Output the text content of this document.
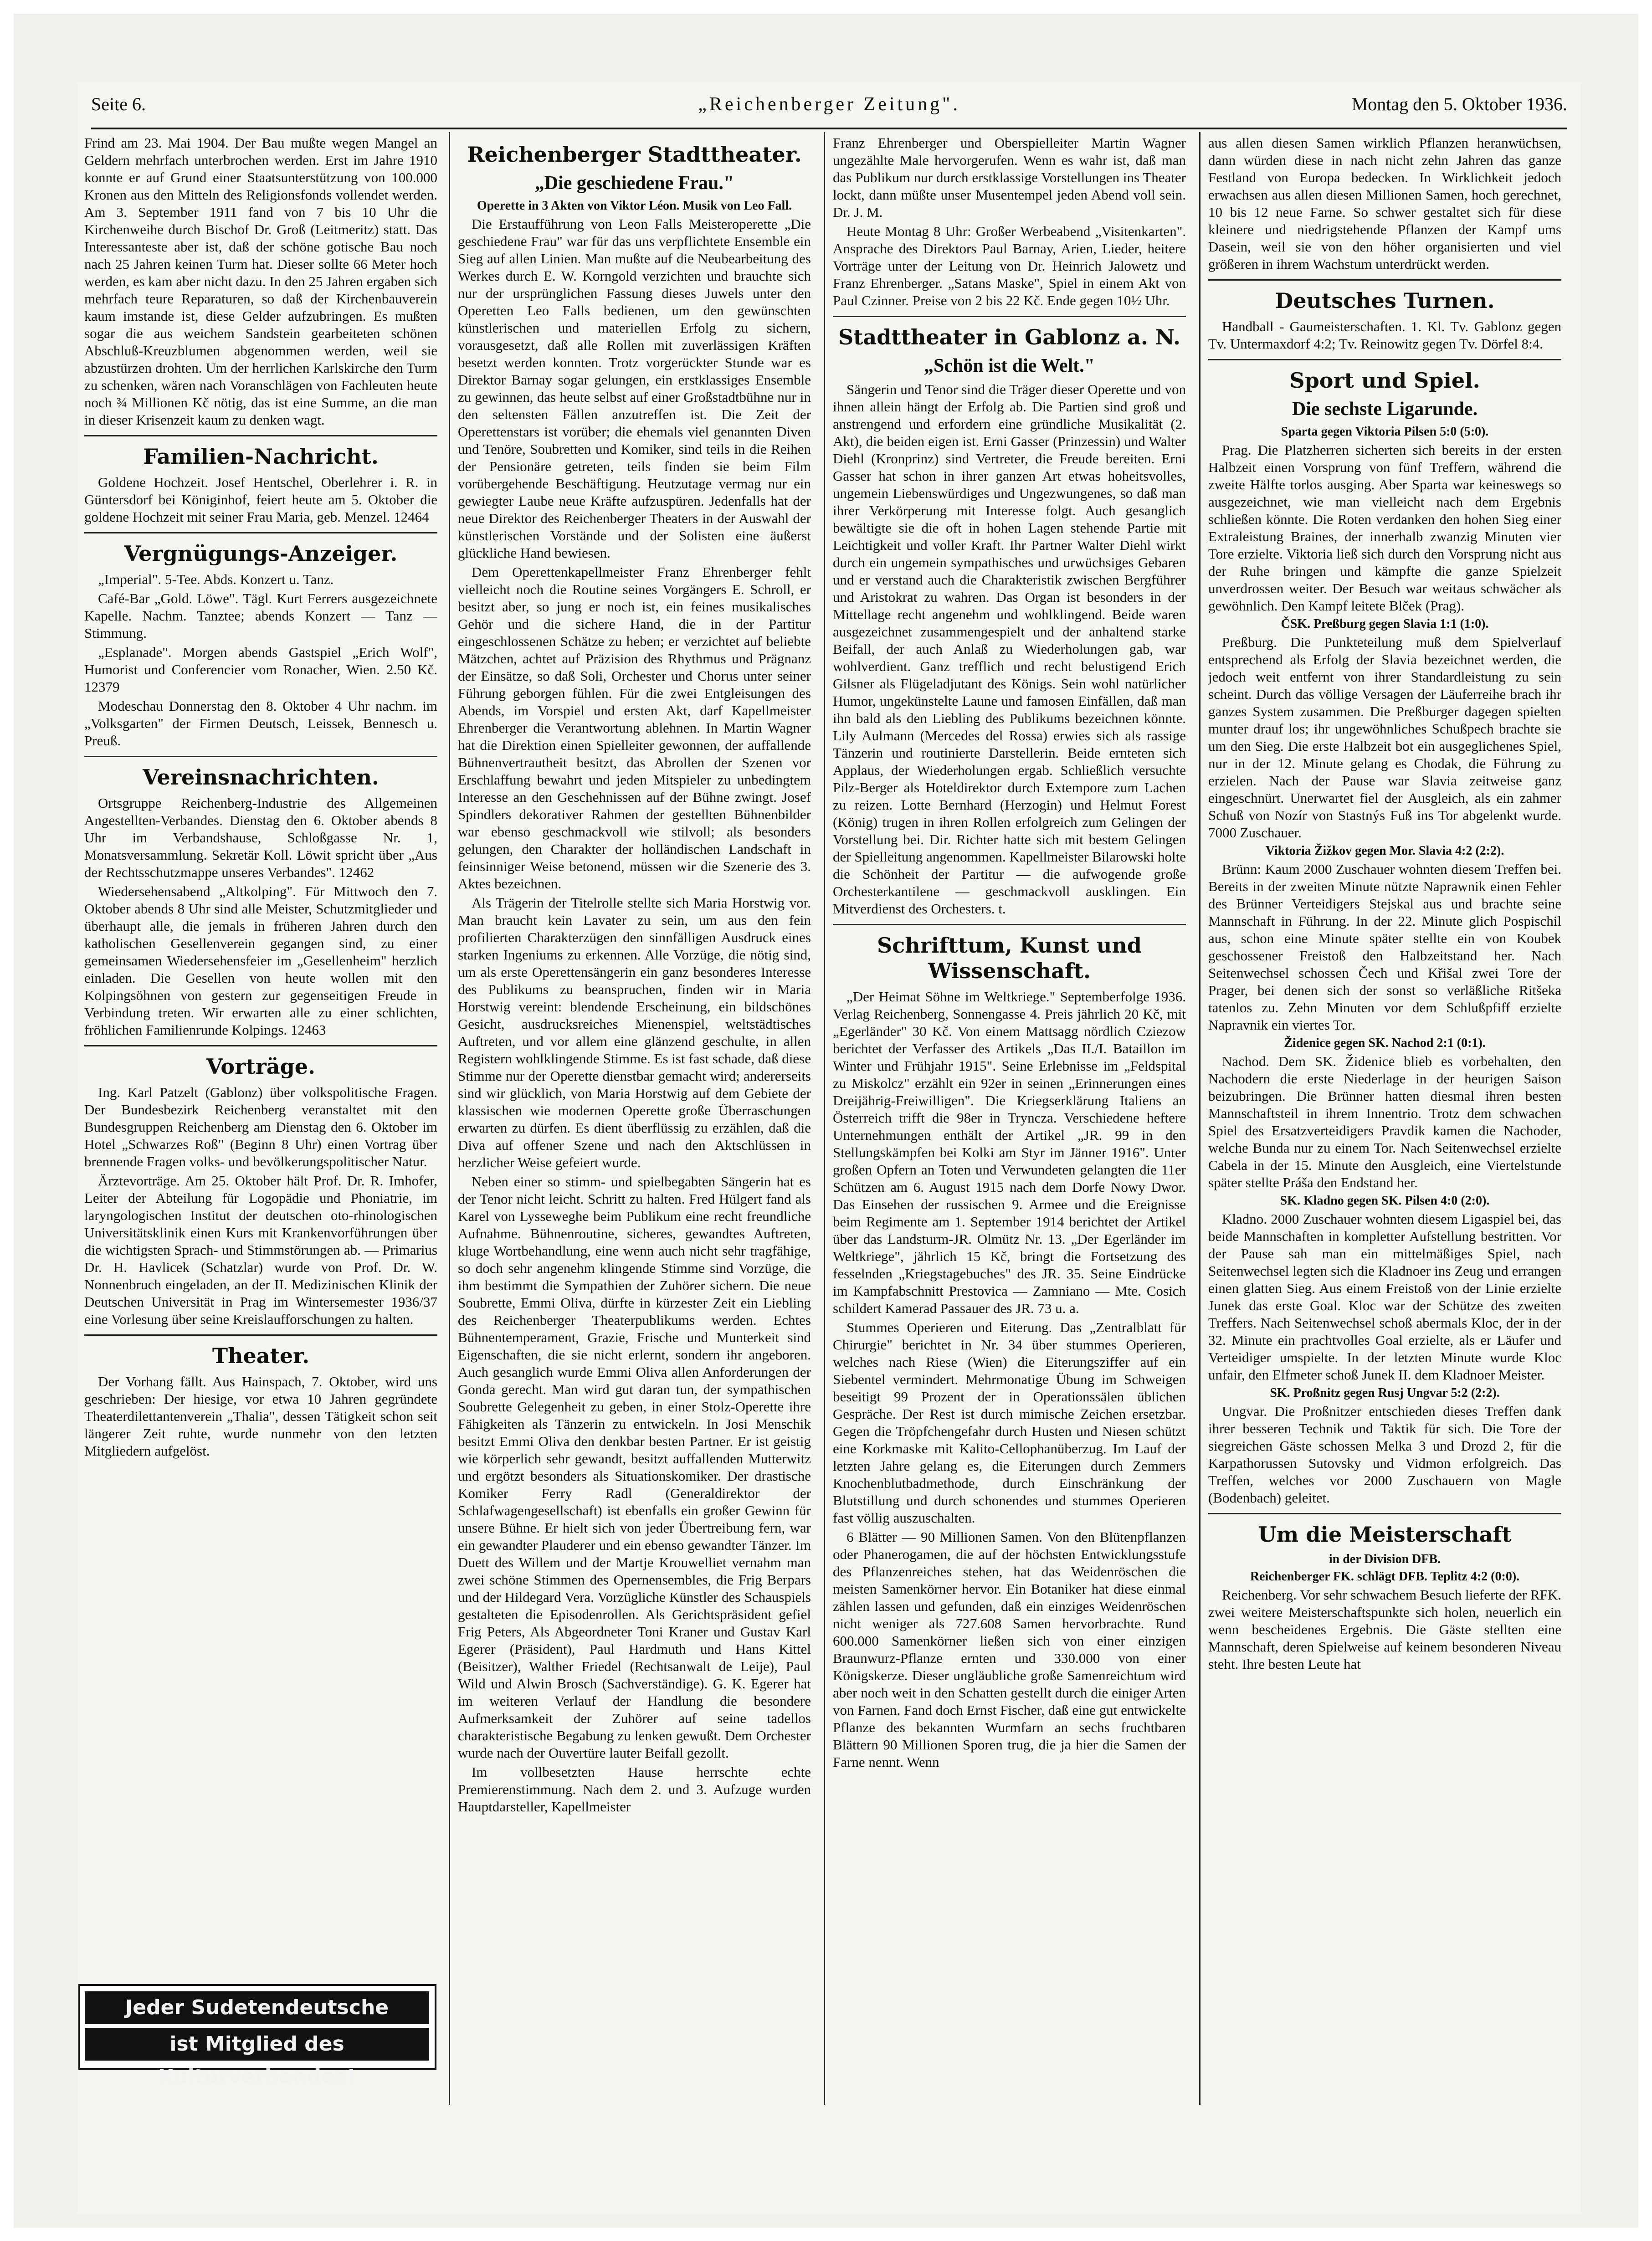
Seite 6.	„Reichenberger Zeitung".	Montag den 5. Oktober 1936.

Frind am 23. Mai 1904. Der Bau mußte wegen Mangel an Geldern mehrfach unterbrochen werden. Erst im Jahre 1910 konnte er auf Grund einer Staatsunterstützung von 100.000 Kronen aus den Mitteln des Religionsfonds vollendet werden. Am 3. September 1911 fand von 7 bis 10 Uhr die Kirchenweihe durch Bischof Dr. Groß (Leitmeritz) statt. Das Interessanteste aber ist, daß der schöne gotische Bau noch nach 25 Jahren keinen Turm hat. Dieser sollte 66 Meter hoch werden, es kam aber nicht dazu. In den 25 Jahren ergaben sich mehrfach teure Reparaturen, so daß der Kirchenbauverein kaum imstande ist, diese Gelder aufzubringen. Es mußten sogar die aus weichem Sandstein gearbeiteten schönen Abschluß-Kreuzblumen abgenommen werden, weil sie abzustürzen drohten. Um der herrlichen Karlskirche den Turm zu schenken, wären nach Voranschlägen von Fachleuten heute noch ¾ Millionen Kč nötig, das ist eine Summe, an die man in dieser Krisenzeit kaum zu denken wagt.

Familien-Nachricht.

Goldene Hochzeit. Josef Hentschel, Oberlehrer i. R. in Güntersdorf bei Königinhof, feiert heute am 5. Oktober die goldene Hochzeit mit seiner Frau Maria, geb. Menzel. 12464

Vergnügungs-Anzeiger.

„Imperial". 5-Tee. Abds. Konzert u. Tanz.

Café-Bar „Gold. Löwe". Tägl. Kurt Ferrers ausgezeichnete Kapelle. Nachm. Tanztee; abends Konzert — Tanz — Stimmung.

„Esplanade". Morgen abends Gastspiel „Erich Wolf", Humorist und Conferencier vom Ronacher, Wien. 2.50 Kč. 12379

Modeschau Donnerstag den 8. Oktober 4 Uhr nachm. im „Volksgarten" der Firmen Deutsch, Leissek, Bennesch u. Preuß.

Vereinsnachrichten.

Ortsgruppe Reichenberg-Industrie des Allgemeinen Angestellten-Verbandes. Dienstag den 6. Oktober abends 8 Uhr im Verbandshause, Schloßgasse Nr. 1, Monatsversammlung. Sekretär Koll. Löwit spricht über „Aus der Rechtsschutzmappe unseres Verbandes". 12462

Wiedersehensabend „Altkolping". Für Mittwoch den 7. Oktober abends 8 Uhr sind alle Meister, Schutzmitglieder und überhaupt alle, die jemals in früheren Jahren durch den katholischen Gesellenverein gegangen sind, zu einer gemeinsamen Wiedersehensfeier im „Gesellenheim" herzlich einladen. Die Gesellen von heute wollen mit den Kolpingsöhnen von gestern zur gegenseitigen Freude in Verbindung treten. Wir erwarten alle zu einer schlichten, fröhlichen Familienrunde Kolpings. 12463

Vorträge.

Ing. Karl Patzelt (Gablonz) über volkspolitische Fragen. Der Bundesbezirk Reichenberg veranstaltet mit den Bundesgruppen Reichenberg am Dienstag den 6. Oktober im Hotel „Schwarzes Roß" (Beginn 8 Uhr) einen Vortrag über brennende Fragen volks- und bevölkerungspolitischer Natur.

Ärztevorträge. Am 25. Oktober hält Prof. Dr. R. Imhofer, Leiter der Abteilung für Logopädie und Phoniatrie, im laryngologischen Institut der deutschen oto-rhinologischen Universitätsklinik einen Kurs mit Krankenvorführungen über die wichtigsten Sprach- und Stimmstörungen ab. — Primarius Dr. H. Havlicek (Schatzlar) wurde von Prof. Dr. W. Nonnenbruch eingeladen, an der II. Medizinischen Klinik der Deutschen Universität in Prag im Wintersemester 1936/37 eine Vorlesung über seine Kreislaufforschungen zu halten.

Theater.

Der Vorhang fällt. Aus Hainspach, 7. Oktober, wird uns geschrieben: Der hiesige, vor etwa 10 Jahren gegründete Theaterdilettantenverein „Thalia", dessen Tätigkeit schon seit längerer Zeit ruhte, wurde nunmehr von den letzten Mitgliedern aufgelöst.

Jeder Sudetendeutsche
ist Mitglied des Kulturverbandes!
Reichenberger Stadttheater.
„Die geschiedene Frau."
Operette in 3 Akten von Viktor Léon. Musik von Leo Fall.

Die Erstaufführung von Leon Falls Meisteroperette „Die geschiedene Frau" war für das uns verpflichtete Ensemble ein Sieg auf allen Linien. Man mußte auf die Neubearbeitung des Werkes durch E. W. Korngold verzichten und brauchte sich nur der ursprünglichen Fassung dieses Juwels unter den Operetten Leo Falls bedienen, um den gewünschten künstlerischen und materiellen Erfolg zu sichern, vorausgesetzt, daß alle Rollen mit zuverlässigen Kräften besetzt werden konnten. Trotz vorgerückter Stunde war es Direktor Barnay sogar gelungen, ein erstklassiges Ensemble zu gewinnen, das heute selbst auf einer Großstadtbühne nur in den seltensten Fällen anzutreffen ist. Die Zeit der Operettenstars ist vorüber; die ehemals viel genannten Diven und Tenöre, Soubretten und Komiker, sind teils in die Reihen der Pensionäre getreten, teils finden sie beim Film vorübergehende Beschäftigung. Heutzutage vermag nur ein gewiegter Laube neue Kräfte aufzuspüren. Jedenfalls hat der neue Direktor des Reichenberger Theaters in der Auswahl der künstlerischen Vorstände und der Solisten eine äußerst glückliche Hand bewiesen.

Dem Operettenkapellmeister Franz Ehrenberger fehlt vielleicht noch die Routine seines Vorgängers E. Schroll, er besitzt aber, so jung er noch ist, ein feines musikalisches Gehör und die sichere Hand, die in der Partitur eingeschlossenen Schätze zu heben; er verzichtet auf beliebte Mätzchen, achtet auf Präzision des Rhythmus und Prägnanz der Einsätze, so daß Soli, Orchester und Chorus unter seiner Führung geborgen fühlen. Für die zwei Entgleisungen des Abends, im Vorspiel und ersten Akt, darf Kapellmeister Ehrenberger die Verantwortung ablehnen. In Martin Wagner hat die Direktion einen Spielleiter gewonnen, der auffallende Bühnenvertrautheit besitzt, das Abrollen der Szenen vor Erschlaffung bewahrt und jeden Mitspieler zu unbedingtem Interesse an den Geschehnissen auf der Bühne zwingt. Josef Spindlers dekorativer Rahmen der gestellten Bühnenbilder war ebenso geschmackvoll wie stilvoll; als besonders gelungen, den Charakter der holländischen Landschaft in feinsinniger Weise betonend, müssen wir die Szenerie des 3. Aktes bezeichnen.

Als Trägerin der Titelrolle stellte sich Maria Horstwig vor. Man braucht kein Lavater zu sein, um aus den fein profilierten Charakterzügen den sinnfälligen Ausdruck eines starken Ingeniums zu erkennen. Alle Vorzüge, die nötig sind, um als erste Operettensängerin ein ganz besonderes Interesse des Publikums zu beanspruchen, finden wir in Maria Horstwig vereint: blendende Erscheinung, ein bildschönes Gesicht, ausdrucksreiches Mienenspiel, weltstädtisches Auftreten, und vor allem eine glänzend geschulte, in allen Registern wohlklingende Stimme. Es ist fast schade, daß diese Stimme nur der Operette dienstbar gemacht wird; andererseits sind wir glücklich, von Maria Horstwig auf dem Gebiete der klassischen wie modernen Operette große Überraschungen erwarten zu dürfen. Es dient überflüssig zu erzählen, daß die Diva auf offener Szene und nach den Aktschlüssen in herzlicher Weise gefeiert wurde.

Neben einer so stimm- und spielbegabten Sängerin hat es der Tenor nicht leicht. Schritt zu halten. Fred Hülgert fand als Karel von Lysseweghe beim Publikum eine recht freundliche Aufnahme. Bühnenroutine, sicheres, gewandtes Auftreten, kluge Wortbehandlung, eine wenn auch nicht sehr tragfähige, so doch sehr angenehm klingende Stimme sind Vorzüge, die ihm bestimmt die Sympathien der Zuhörer sichern. Die neue Soubrette, Emmi Oliva, dürfte in kürzester Zeit ein Liebling des Reichenberger Theaterpublikums werden. Echtes Bühnentemperament, Grazie, Frische und Munterkeit sind Eigenschaften, die sie nicht erlernt, sondern ihr angeboren. Auch gesanglich wurde Emmi Oliva allen Anforderungen der Gonda gerecht. Man wird gut daran tun, der sympathischen Soubrette Gelegenheit zu geben, in einer Stolz-Operette ihre Fähigkeiten als Tänzerin zu entwickeln. In Josi Menschik besitzt Emmi Oliva den denkbar besten Partner. Er ist geistig wie körperlich sehr gewandt, besitzt auffallenden Mutterwitz und ergötzt besonders als Situationskomiker. Der drastische Komiker Ferry Radl (Generaldirektor der Schlafwagengesellschaft) ist ebenfalls ein großer Gewinn für unsere Bühne. Er hielt sich von jeder Übertreibung fern, war ein gewandter Plauderer und ein ebenso gewandter Tänzer. Im Duett des Willem und der Martje Krouwelliet vernahm man zwei schöne Stimmen des Opernensembles, die Frig Berpars und der Hildegard Vera. Vorzügliche Künstler des Schauspiels gestalteten die Episodenrollen. Als Gerichtspräsident gefiel Frig Peters, Als Abgeordneter Toni Kraner und Gustav Karl Egerer (Präsident), Paul Hardmuth und Hans Kittel (Beisitzer), Walther Friedel (Rechtsanwalt de Leije), Paul Wild und Alwin Brosch (Sachverständige). G. K. Egerer hat im weiteren Verlauf der Handlung die besondere Aufmerksamkeit der Zuhörer auf seine tadellos charakteristische Begabung zu lenken gewußt. Dem Orchester wurde nach der Ouvertüre lauter Beifall gezollt.

Im vollbesetzten Hause herrschte echte Premierenstimmung. Nach dem 2. und 3. Aufzuge wurden Hauptdarsteller, Kapellmeister

Franz Ehrenberger und Oberspielleiter Martin Wagner ungezählte Male hervorgerufen. Wenn es wahr ist, daß man das Publikum nur durch erstklassige Vorstellungen ins Theater lockt, dann müßte unser Musentempel jeden Abend voll sein. Dr. J. M.

Heute Montag 8 Uhr: Großer Werbeabend „Visitenkarten". Ansprache des Direktors Paul Barnay, Arien, Lieder, heitere Vorträge unter der Leitung von Dr. Heinrich Jalowetz und Franz Ehrenberger. „Satans Maske", Spiel in einem Akt von Paul Czinner. Preise von 2 bis 22 Kč. Ende gegen 10½ Uhr.

Stadttheater in Gablonz a. N.
„Schön ist die Welt."

Sängerin und Tenor sind die Träger dieser Operette und von ihnen allein hängt der Erfolg ab. Die Partien sind groß und anstrengend und erfordern eine gründliche Musikalität (2. Akt), die beiden eigen ist. Erni Gasser (Prinzessin) und Walter Diehl (Kronprinz) sind Vertreter, die Freude bereiten. Erni Gasser hat schon in ihrer ganzen Art etwas hoheitsvolles, ungemein Liebenswürdiges und Ungezwungenes, so daß man ihrer Verkörperung mit Interesse folgt. Auch gesanglich bewältigte sie die oft in hohen Lagen stehende Partie mit Leichtigkeit und voller Kraft. Ihr Partner Walter Diehl wirkt durch ein ungemein sympathisches und urwüchsiges Gebaren und er verstand auch die Charakteristik zwischen Bergführer und Aristokrat zu wahren. Das Organ ist besonders in der Mittellage recht angenehm und wohlklingend. Beide waren ausgezeichnet zusammengespielt und der anhaltend starke Beifall, der auch Anlaß zu Wiederholungen gab, war wohlverdient. Ganz trefflich und recht belustigend Erich Gilsner als Flügeladjutant des Königs. Sein wohl natürlicher Humor, ungekünstelte Laune und famosen Einfällen, daß man ihn bald als den Liebling des Publikums bezeichnen könnte. Lily Aulmann (Mercedes del Rossa) erwies sich als rassige Tänzerin und routinierte Darstellerin. Beide ernteten sich Applaus, der Wiederholungen ergab. Schließlich versuchte Pilz-Berger als Hoteldirektor durch Extempore zum Lachen zu reizen. Lotte Bernhard (Herzogin) und Helmut Forest (König) trugen in ihren Rollen erfolgreich zum Gelingen der Vorstellung bei. Dir. Richter hatte sich mit bestem Gelingen der Spielleitung angenommen. Kapellmeister Bilarowski holte die Schönheit der Partitur — die aufwogende große Orchesterkantilene — geschmackvoll ausklingen. Ein Mitverdienst des Orchesters. t.

Schrifttum, Kunst und Wissenschaft.

„Der Heimat Söhne im Weltkriege." Septemberfolge 1936. Verlag Reichenberg, Sonnengasse 4. Preis jährlich 20 Kč, mit „Egerländer" 30 Kč. Von einem Mattsagg nördlich Cziezow berichtet der Verfasser des Artikels „Das II./I. Bataillon im Winter und Frühjahr 1915". Seine Erlebnisse im „Feldspital zu Miskolcz" erzählt ein 92er in seinen „Erinnerungen eines Dreijährig-Freiwilligen". Die Kriegserklärung Italiens an Österreich trifft die 98er in Tryncza. Verschiedene heftere Unternehmungen enthält der Artikel „JR. 99 in den Stellungskämpfen bei Kolki am Styr im Jänner 1916". Unter großen Opfern an Toten und Verwundeten gelangten die 11er Schützen am 6. August 1915 nach dem Dorfe Nowy Dwor. Das Einsehen der russischen 9. Armee und die Ereignisse beim Regimente am 1. September 1914 berichtet der Artikel über das Landsturm-JR. Olmütz Nr. 13. „Der Egerländer im Weltkriege", jährlich 15 Kč, bringt die Fortsetzung des fesselnden „Kriegstagebuches" des JR. 35. Seine Eindrücke im Kampfabschnitt Prestovica — Zamniano — Mte. Cosich schildert Kamerad Passauer des JR. 73 u. a.

Stummes Operieren und Eiterung. Das „Zentralblatt für Chirurgie" berichtet in Nr. 34 über stummes Operieren, welches nach Riese (Wien) die Eiterungsziffer auf ein Siebentel vermindert. Mehrmonatige Übung im Schweigen beseitigt 99 Prozent der in Operationssälen üblichen Gespräche. Der Rest ist durch mimische Zeichen ersetzbar. Gegen die Tröpfchengefahr durch Husten und Niesen schützt eine Korkmaske mit Kalito-Cellophanüberzug. Im Lauf der letzten Jahre gelang es, die Eiterungen durch Zemmers Knochenblutbadmethode, durch Einschränkung der Blutstillung und durch schonendes und stummes Operieren fast völlig auszuschalten.

6 Blätter — 90 Millionen Samen. Von den Blütenpflanzen oder Phanerogamen, die auf der höchsten Entwicklungsstufe des Pflanzenreiches stehen, hat das Weidenröschen die meisten Samenkörner hervor. Ein Botaniker hat diese einmal zählen lassen und gefunden, daß ein einziges Weidenröschen nicht weniger als 727.608 Samen hervorbrachte. Rund 600.000 Samenkörner ließen sich von einer einzigen Braunwurz-Pflanze ernten und 330.000 von einer Königskerze. Dieser ungläubliche große Samenreichtum wird aber noch weit in den Schatten gestellt durch die einiger Arten von Farnen. Fand doch Ernst Fischer, daß eine gut entwickelte Pflanze des bekannten Wurmfarn an sechs fruchtbaren Blättern 90 Millionen Sporen trug, die ja hier die Samen der Farne nennt. Wenn

aus allen diesen Samen wirklich Pflanzen heranwüchsen, dann würden diese in nach nicht zehn Jahren das ganze Festland von Europa bedecken. In Wirklichkeit jedoch erwachsen aus allen diesen Millionen Samen, hoch gerechnet, 10 bis 12 neue Farne. So schwer gestaltet sich für diese kleinere und niedrigstehende Pflanzen der Kampf ums Dasein, weil sie von den höher organisierten und viel größeren in ihrem Wachstum unterdrückt werden.

Deutsches Turnen.

Handball - Gaumeisterschaften. 1. Kl. Tv. Gablonz gegen Tv. Untermaxdorf 4:2; Tv. Reinowitz gegen Tv. Dörfel 8:4.

Sport und Spiel.
Die sechste Ligarunde.
Sparta gegen Viktoria Pilsen 5:0 (5:0).

Prag. Die Platzherren sicherten sich bereits in der ersten Halbzeit einen Vorsprung von fünf Treffern, während die zweite Hälfte torlos ausging. Aber Sparta war keineswegs so ausgezeichnet, wie man vielleicht nach dem Ergebnis schließen könnte. Die Roten verdanken den hohen Sieg einer Extraleistung Braines, der innerhalb zwanzig Minuten vier Tore erzielte. Viktoria ließ sich durch den Vorsprung nicht aus der Ruhe bringen und kämpfte die ganze Spielzeit unverdrossen weiter. Der Besuch war weitaus schwächer als gewöhnlich. Den Kampf leitete Blček (Prag).

ČSK. Preßburg gegen Slavia 1:1 (1:0).

Preßburg. Die Punkteteilung muß dem Spielverlauf entsprechend als Erfolg der Slavia bezeichnet werden, die jedoch weit entfernt von ihrer Standardleistung zu sein scheint. Durch das völlige Versagen der Läuferreihe brach ihr ganzes System zusammen. Die Preßburger dagegen spielten munter drauf los; ihr ungewöhnliches Schußpech brachte sie um den Sieg. Die erste Halbzeit bot ein ausgeglichenes Spiel, nur in der 12. Minute gelang es Chodak, die Führung zu erzielen. Nach der Pause war Slavia zeitweise ganz eingeschnürt. Unerwartet fiel der Ausgleich, als ein zahmer Schuß von Nozír von Stastnýs Fuß ins Tor abgelenkt wurde. 7000 Zuschauer.

Viktoria Žižkov gegen Mor. Slavia 4:2 (2:2).

Brünn: Kaum 2000 Zuschauer wohnten diesem Treffen bei. Bereits in der zweiten Minute nützte Naprawnik einen Fehler des Brünner Verteidigers Stejskal aus und brachte seine Mannschaft in Führung. In der 22. Minute glich Pospischil aus, schon eine Minute später stellte ein von Koubek geschossener Freistoß den Halbzeitstand her. Nach Seitenwechsel schossen Čech und Křišal zwei Tore der Prager, bei denen sich der sonst so verläßliche Ritšeka tatenlos zu. Zehn Minuten vor dem Schlußpfiff erzielte Napravnik ein viertes Tor.

Židenice gegen SK. Nachod 2:1 (0:1).

Nachod. Dem SK. Židenice blieb es vorbehalten, den Nachodern die erste Niederlage in der heurigen Saison beizubringen. Die Brünner hatten diesmal ihren besten Mannschaftsteil in ihrem Innentrio. Trotz dem schwachen Spiel des Ersatzverteidigers Pravdik kamen die Nachoder, welche Bunda nur zu einem Tor. Nach Seitenwechsel erzielte Cabela in der 15. Minute den Ausgleich, eine Viertelstunde später stellte Práša den Endstand her.

SK. Kladno gegen SK. Pilsen 4:0 (2:0).

Kladno. 2000 Zuschauer wohnten diesem Ligaspiel bei, das beide Mannschaften in kompletter Aufstellung bestritten. Vor der Pause sah man ein mittelmäßiges Spiel, nach Seitenwechsel legten sich die Kladnoer ins Zeug und errangen einen glatten Sieg. Aus einem Freistoß von der Linie erzielte Junek das erste Goal. Kloc war der Schütze des zweiten Treffers. Nach Seitenwechsel schoß abermals Kloc, der in der 32. Minute ein prachtvolles Goal erzielte, als er Läufer und Verteidiger umspielte. In der letzten Minute wurde Kloc unfair, den Elfmeter schoß Junek II. dem Kladnoer Meister.

SK. Proßnitz gegen Rusj Ungvar 5:2 (2:2).

Ungvar. Die Proßnitzer entschieden dieses Treffen dank ihrer besseren Technik und Taktik für sich. Die Tore der siegreichen Gäste schossen Melka 3 und Drozd 2, für die Karpathorussen Sutovsky und Vidmon erfolgreich. Das Treffen, welches vor 2000 Zuschauern von Magle (Bodenbach) geleitet.

Um die Meisterschaft
in der Division DFB.
Reichenberger FK. schlägt DFB. Teplitz 4:2 (0:0).

Reichenberg. Vor sehr schwachem Besuch lieferte der RFK. zwei weitere Meisterschaftspunkte sich holen, neuerlich ein wenn bescheidenes Ergebnis. Die Gäste stellten eine Mannschaft, deren Spielweise auf keinem besonderen Niveau steht. Ihre besten Leute hat
